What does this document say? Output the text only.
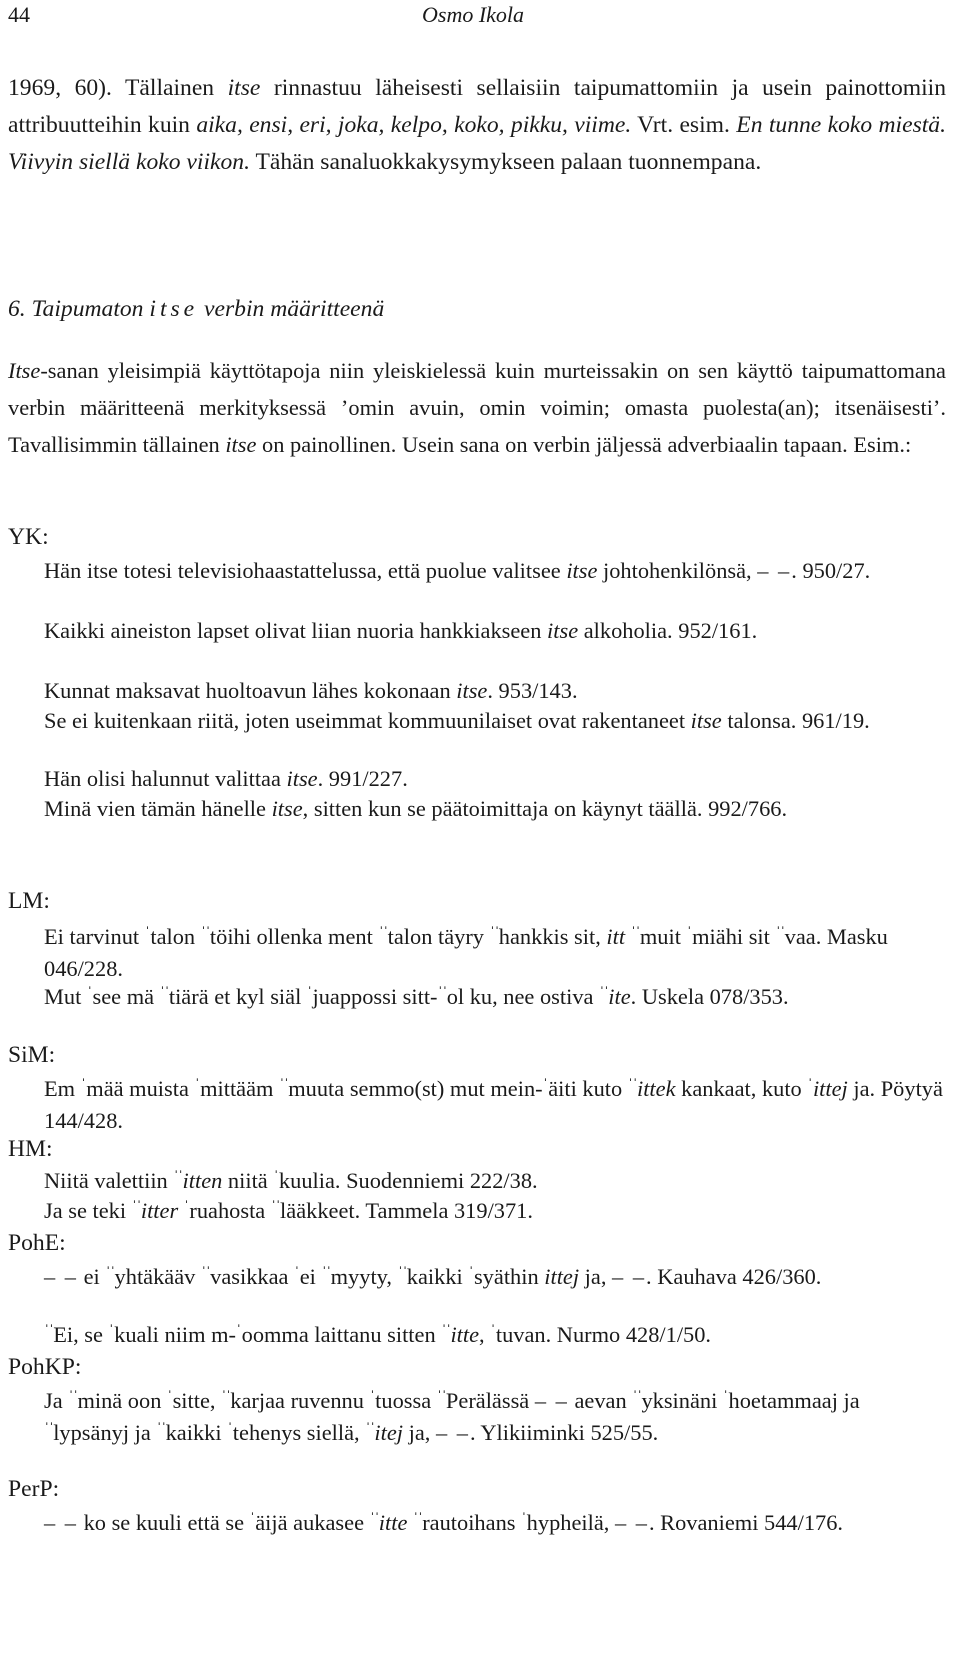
44	Osmo Ikola

1969, 60). Tällainen itse rinnastuu läheisesti sellaisiin taipumattomiin ja usein painottomiin attribuutteihin kuin aika, ensi, eri, joka, kelpo, koko, pikku, viime. Vrt. esim. En tunne koko miestä. Viivyin siellä koko viikon. Tähän sanaluokkakysymykseen palaan tuonnempana.

6. Taipumaton itse verbin määritteenä

Itse-sanan yleisimpiä käyttötapoja niin yleiskielessä kuin murteissakin on sen käyttö taipumattomana verbin määritteenä merkityksessä ’omin avuin, omin voimin; omasta puolesta(an); itsenäisesti’. Tavallisimmin tällainen itse on painollinen. Usein sana on verbin jäljessä adverbiaalin tapaan. Esim.:

YK:

Hän itse totesi televisiohaastattelussa, että puolue valitsee itse johtohenkilönsä, – –. 950/27.

Kaikki aineiston lapset olivat liian nuoria hankkiakseen itse alkoholia. 952/161.

Kunnat maksavat huoltoavun lähes kokonaan itse. 953/143.

Se ei kuitenkaan riitä, joten useimmat kommuunilaiset ovat rakentaneet itse talonsa. 961/19.

Hän olisi halunnut valittaa itse. 991/227.

Minä vien tämän hänelle itse, sitten kun se päätoimittaja on käynyt täällä. 992/766.

LM:

Ei tarvinut $^ˈ$talon $^{ˈˈ}$töihi ollenka ment $^{ˈˈ}$talon täyry $^{ˈˈ}$hankkis sit, itt $^{ˈˈ}$muit $^ˈ$miähi sit $^{ˈˈ}$vaa. Masku 046/228.

Mut $^ˈ$see mä $^{ˈˈ}$tiärä et kyl siäl $^ˈ$juappossi sitt-$^{ˈˈ}$ol ku, nee ostiva $^{ˈˈ}$ite. Uskela 078/353.

SiM:

Em $^ˈ$mää muista $^ˈ$mittääm $^{ˈˈ}$muuta semmo(st) mut mein-$^ˈ$äiti kuto $^{ˈˈ}$ittek kankaat, kuto $^ˈ$ittej ja. Pöytyä 144/428.

HM:

Niitä valettiin $^{ˈˈ}$itten niitä $^ˈ$kuulia. Suodenniemi 222/38.

Ja se teki $^{ˈˈ}$itter $^ˈ$ruahosta $^{ˈˈ}$lääkkeet. Tammela 319/371.

PohE:

– – ei $^{ˈˈ}$yhtäkääv $^{ˈˈ}$vasikkaa $^ˈ$ei $^{ˈˈ}$myyty, $^{ˈˈ}$kaikki $^ˈ$syäthin ittej ja, – –. Kauhava 426/360.

$^{ˈˈ}$Ei, se $^ˈ$kuali niim m-$^ˈ$oomma laittanu sitten $^{ˈˈ}$itte, $^ˈ$tuvan. Nurmo 428/1/50.

PohKP:

Ja $^{ˈˈ}$minä oon $^ˈ$sitte, $^{ˈˈ}$karjaa ruvennu $^ˈ$tuossa $^{ˈˈ}$Perälässä – – aevan $^{ˈˈ}$yksinäni $^ˈ$hoetammaaj ja $^{ˈˈ}$lypsänyj ja $^{ˈˈ}$kaikki $^ˈ$tehenys siellä, $^{ˈˈ}$itej ja, – –. Ylikiiminki 525/55.

PerP:

– – ko se kuuli että se $^ˈ$äijä aukasee $^{ˈˈ}$itte $^{ˈˈ}$rautoihans $^ˈ$hypheilä, – –. Rovaniemi 544/176.
